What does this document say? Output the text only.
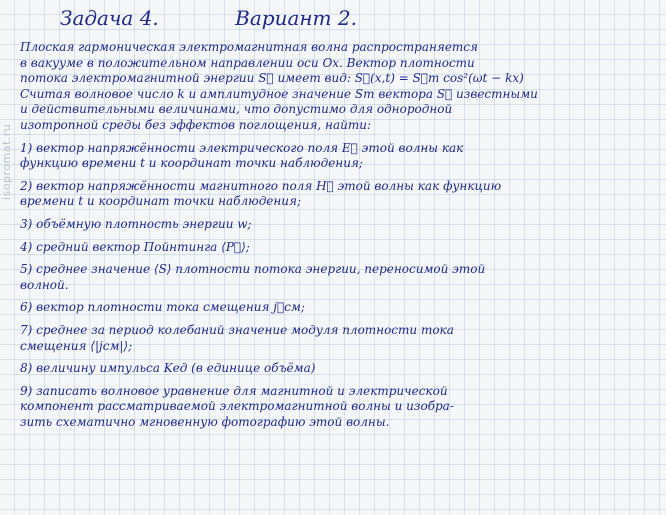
Задача 4.	Вариант 2.
isopromat.ru
Плоская гармоническая электромагнитная волна распространяется
в вакууме в положительном направлении оси Ox. Вектор плотности
потока электромагнитной энергии S⃗ имеет вид: S⃗(x,t) = S⃗m cos²(ωt − kx)
Считая волновое число k и амплитудное значение Sm вектора S⃗ известными
и действительными величинами, что допустимо для однородной
изотропной среды без эффектов поглощения, найти:
1) вектор напряжённости электрического поля E⃗ этой волны как
функцию времени t и координат точки наблюдения;
2) вектор напряжённости магнитного поля H⃗ этой волны как функцию
времени t и координат точки наблюдения;
3) объёмную плотность энергии w;
4) средний вектор Пойнтинга ⟨P⃗⟩;
5) среднее значение ⟨S⟩ плотности потока энергии, переносимой этой
волной.
6) вектор плотности тока смещения j⃗см;
7) среднее за период колебаний значение модуля плотности тока
смещения ⟨|jсм|⟩;
8) величину импульса Kед (в единице объёма)
9) записать волновое уравнение для магнитной и электрической
компонент рассматриваемой электромагнитной волны и изобра-
зить схематично мгновенную фотографию этой волны.
